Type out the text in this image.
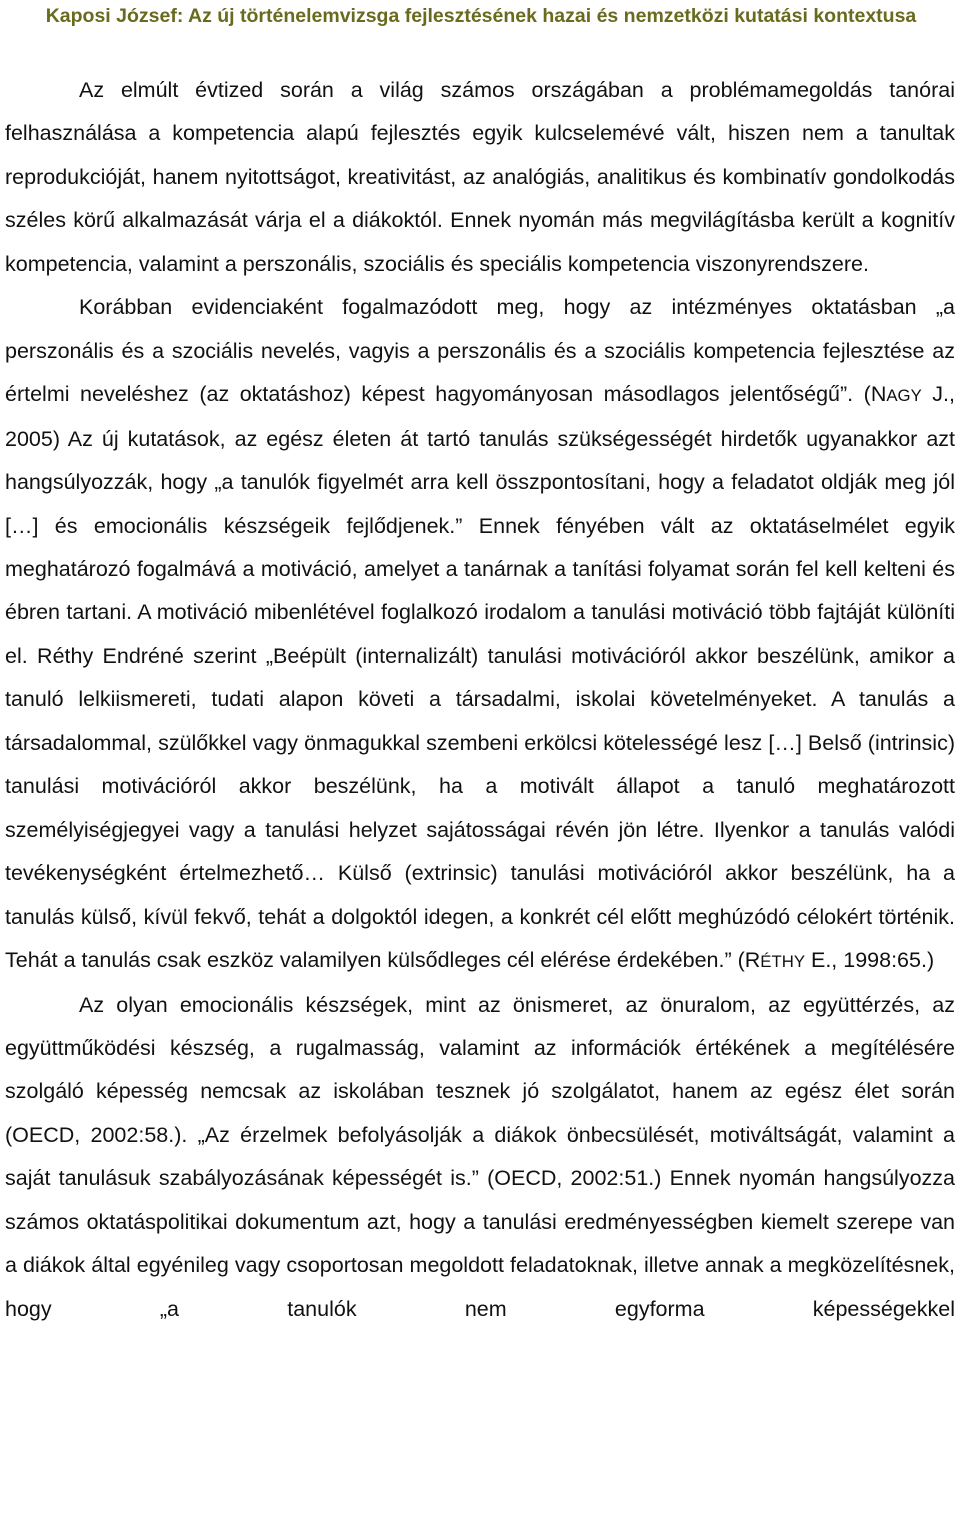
Kaposi József: Az új történelemvizsga fejlesztésének hazai és nemzetközi kutatási kontextusa

Az elmúlt évtized során a világ számos országában a problémamegoldás tanórai felhasználása a kompetencia alapú fejlesztés egyik kulcselemévé vált, hiszen nem a tanultak reprodukcióját, hanem nyitottságot, kreativitást, az analógiás, analitikus és kombinatív gondolkodás széles körű alkalmazását várja el a diákoktól. Ennek nyomán más megvilágításba került a kognitív kompetencia, valamint a perszonális, szociális és speciális kompetencia viszonyrendszere.

Korábban evidenciaként fogalmazódott meg, hogy az intézményes oktatásban „a perszonális és a szociális nevelés, vagyis a perszonális és a szociális kompetencia fejlesztése az értelmi neveléshez (az oktatáshoz) képest hagyományosan másodlagos jelentőségű”. (NAGY J., 2005) Az új kutatások, az egész életen át tartó tanulás szükségességét hirdetők ugyanakkor azt hangsúlyozzák, hogy „a tanulók figyelmét arra kell összpontosítani, hogy a feladatot oldják meg jól […] és emocionális készségeik fejlődjenek.” Ennek fényében vált az oktatáselmélet egyik meghatározó fogalmává a motiváció, amelyet a tanárnak a tanítási folyamat során fel kell kelteni és ébren tartani. A motiváció mibenlétével foglalkozó irodalom a tanulási motiváció több fajtáját különíti el. Réthy Endréné szerint „Beépült (internalizált) tanulási motivációról akkor beszélünk, amikor a tanuló lelkiismereti, tudati alapon követi a társadalmi, iskolai követelményeket. A tanulás a társadalommal, szülőkkel vagy önmagukkal szembeni erkölcsi kötelességé lesz […] Belső (intrinsic) tanulási motivációról akkor beszélünk, ha a motivált állapot a tanuló meghatározott személyiségjegyei vagy a tanulási helyzet sajátosságai révén jön létre. Ilyenkor a tanulás valódi tevékenységként értelmezhető… Külső (extrinsic) tanulási motivációról akkor beszélünk, ha a tanulás külső, kívül fekvő, tehát a dolgoktól idegen, a konkrét cél előtt meghúzódó célokért történik. Tehát a tanulás csak eszköz valamilyen külsődleges cél elérése érdekében.” (RÉTHY E., 1998:65.)

Az olyan emocionális készségek, mint az önismeret, az önuralom, az együttérzés, az együttműködési készség, a rugalmasság, valamint az információk értékének a megítélésére szolgáló képesség nemcsak az iskolában tesznek jó szolgálatot, hanem az egész élet során (OECD, 2002:58.). „Az érzelmek befolyásolják a diákok önbecsülését, motiváltságát, valamint a saját tanulásuk szabályozásának képességét is.” (OECD, 2002:51.) Ennek nyomán hangsúlyozza számos oktatáspolitikai dokumentum azt, hogy a tanulási eredményességben kiemelt szerepe van a diákok által egyénileg vagy csoportosan megoldott feladatoknak, illetve annak a megközelítésnek, hogy „a tanulók nem egyforma képességekkel
